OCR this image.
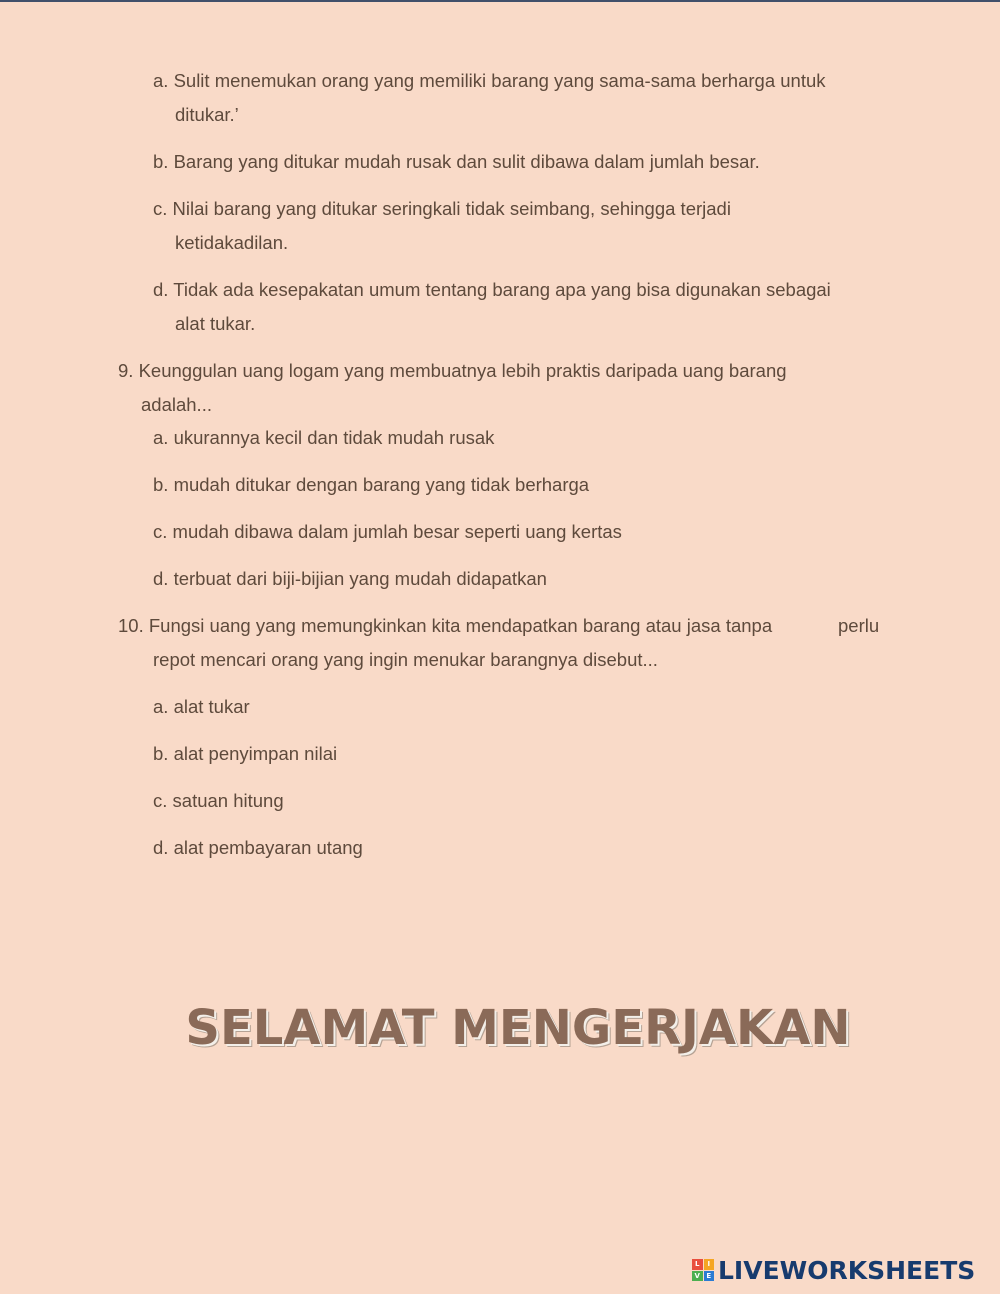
a. Sulit menemukan orang yang memiliki barang yang sama-sama berharga untuk
ditukar.’
b. Barang yang ditukar mudah rusak dan sulit dibawa dalam jumlah besar.
c. Nilai barang yang ditukar seringkali tidak seimbang, sehingga terjadi
ketidakadilan.
d. Tidak ada kesepakatan umum tentang barang apa yang bisa digunakan sebagai
alat tukar.
9. Keunggulan uang logam yang membuatnya lebih praktis daripada uang barang
adalah...
a. ukurannya kecil dan tidak mudah rusak
b. mudah ditukar dengan barang yang tidak berharga
c. mudah dibawa dalam jumlah besar seperti uang kertas
d. terbuat dari biji-bijian yang mudah didapatkan
10. Fungsi uang yang memungkinkan kita mendapatkan barang atau jasa tanpa	perlu
repot mencari orang yang ingin menukar barangnya disebut...
a. alat tukar
b. alat penyimpan nilai
c. satuan hitung
d. alat pembayaran utang
SELAMAT MENGERJAKAN
L	I
V E LIVEWORKSHEETS
